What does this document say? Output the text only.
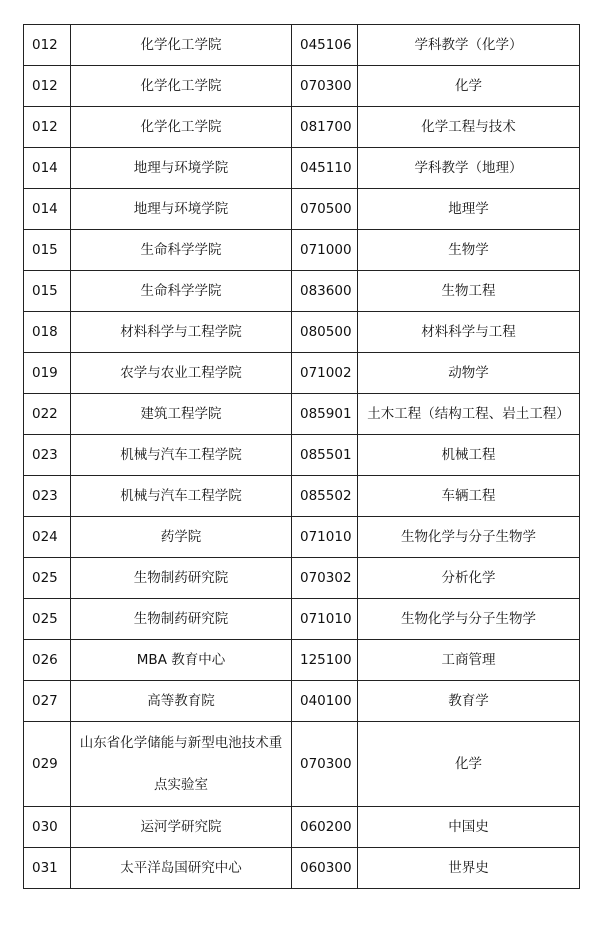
012	化学化工学院	045106	学科教学（化学）
012	化学化工学院	070300	化学
012	化学化工学院	081700	化学工程与技术
014	地理与环境学院	045110	学科教学（地理）
014	地理与环境学院	070500	地理学
015	生命科学学院	071000	生物学
015	生命科学学院	083600	生物工程
018	材料科学与工程学院	080500	材料科学与工程
019	农学与农业工程学院	071002	动物学
022	建筑工程学院	085901	土木工程（结构工程、岩土工程）
023	机械与汽车工程学院	085501	机械工程
023	机械与汽车工程学院	085502	车辆工程
024	药学院	071010	生物化学与分子生物学
025	生物制药研究院	070302	分析化学
025	生物制药研究院	071010	生物化学与分子生物学
026	MBA 教育中心	125100	工商管理
027	高等教育院	040100	教育学
029	山东省化学储能与新型电池技术重点实验室	070300	化学
030	运河学研究院	060200	中国史
031	太平洋岛国研究中心	060300	世界史
